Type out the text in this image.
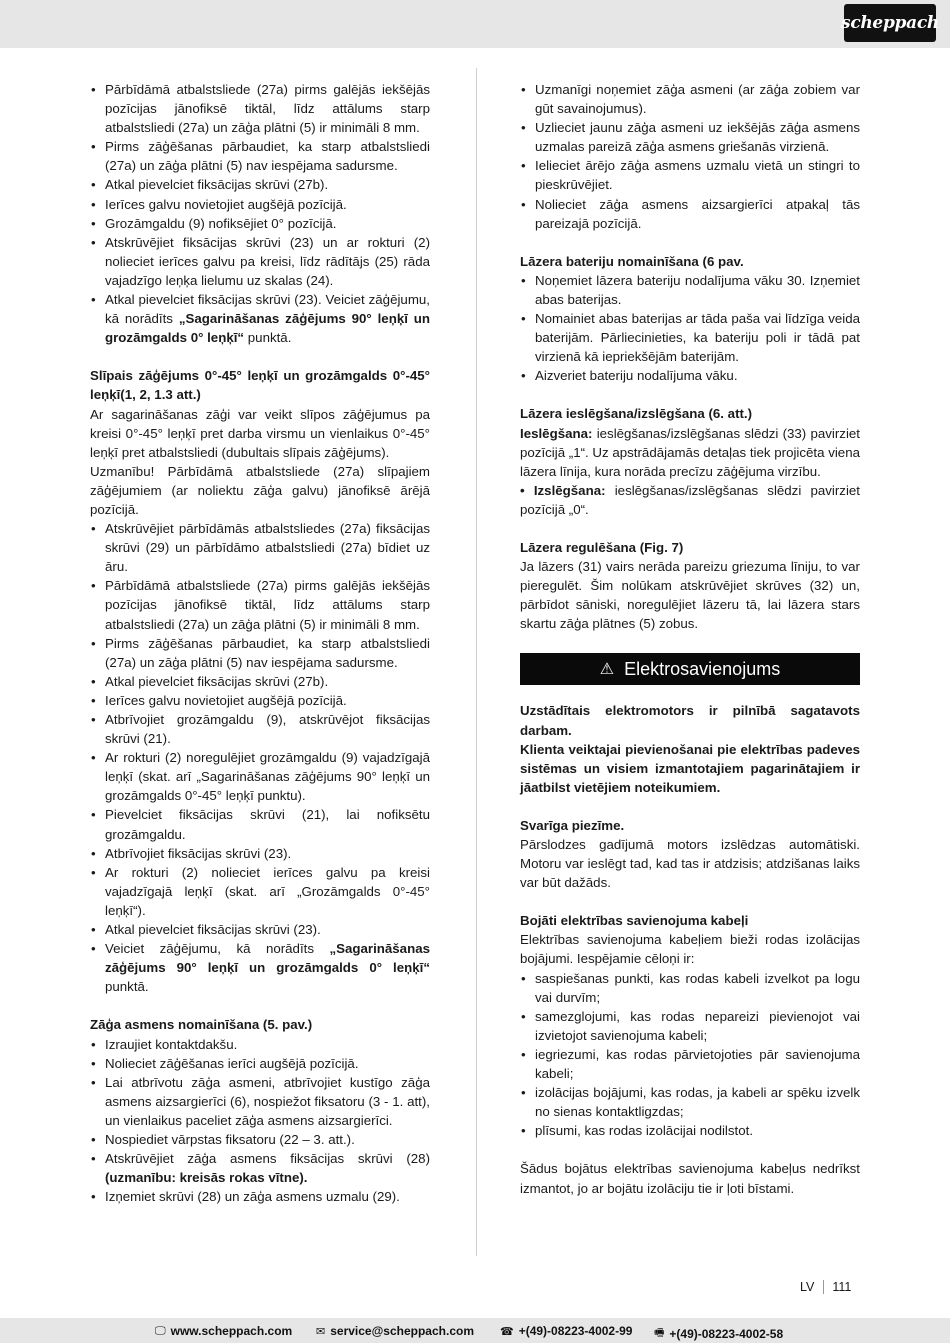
scheppach
• Pārbīdāmā atbalstsliede (27a) pirms galējās iekšējās pozīcijas jānofiksē tiktāl, līdz attālums starp atbalstsliedi (27a) un zāģa plātni (5) ir minimāli 8 mm.
• Pirms zāģēšanas pārbaudiet, ka starp atbalstsliedi (27a) un zāģa plātni (5) nav iespējama sadursme.
• Atkal pievelciet fiksācijas skrūvi (27b).
• Ierīces galvu novietojiet augšējā pozīcijā.
• Grozāmgaldu (9) nofiksējiet 0° pozīcijā.
• Atskrūvējiet fiksācijas skrūvi (23) un ar rokturi (2) nolieciet ierīces galvu pa kreisi, līdz rādītājs (25) rāda vajadzīgo leņķa lielumu uz skalas (24).
• Atkal pievelciet fiksācijas skrūvi (23). Veiciet zāģējumu, kā norādīts „Sagarināšanas zāģējums 90° leņķī un grozāmgalds 0° leņķī“ punktā.

Slīpais zāģējums 0°-45° leņķī un grozāmgalds 0°-45° leņķī(1, 2, 1.3 att.)

Ar sagarināšanas zāģi var veikt slīpos zāģējumus pa kreisi 0°-45° leņķī pret darba virsmu un vienlaikus 0°-45° leņķī pret atbalstsliedi (dubultais slīpais zāģējums).

Uzmanību! Pārbīdāmā atbalstsliede (27a) slīpajiem zāģējumiem (ar noliektu zāģa galvu) jānofiksē ārējā pozīcijā.

• Atskrūvējiet pārbīdāmās atbalstsliedes (27a) fiksācijas skrūvi (29) un pārbīdāmo atbalstsliedi (27a) bīdiet uz āru.
• Pārbīdāmā atbalstsliede (27a) pirms galējās iekšējās pozīcijas jānofiksē tiktāl, līdz attālums starp atbalstsliedi (27a) un zāģa plātni (5) ir minimāli 8 mm.
• Pirms zāģēšanas pārbaudiet, ka starp atbalstsliedi (27a) un zāģa plātni (5) nav iespējama sadursme.
• Atkal pievelciet fiksācijas skrūvi (27b).
• Ierīces galvu novietojiet augšējā pozīcijā.
• Atbrīvojiet grozāmgaldu (9), atskrūvējot fiksācijas skrūvi (21).
• Ar rokturi (2) noregulējiet grozāmgaldu (9) vajadzīgajā leņķī (skat. arī „Sagarināšanas zāģējums 90° leņķī un grozāmgalds 0°-45° leņķī punktu).
• Pievelciet fiksācijas skrūvi (21), lai nofiksētu grozāmgaldu.
• Atbrīvojiet fiksācijas skrūvi (23).
• Ar rokturi (2) nolieciet ierīces galvu pa kreisi vajadzīgajā leņķī (skat. arī „Grozāmgalds 0°-45° leņķī“).
• Atkal pievelciet fiksācijas skrūvi (23).
• Veiciet zāģējumu, kā norādīts „Sagarināšanas zāģējums 90° leņķī un grozāmgalds 0° leņķī“ punktā.

Zāģa asmens nomainīšana (5. pav.)

• Izraujiet kontaktdakšu.
• Nolieciet zāģēšanas ierīci augšējā pozīcijā.
• Lai atbrīvotu zāģa asmeni, atbrīvojiet kustīgo zāģa asmens aizsargierīci (6), nospiežot fiksatoru (3 - 1. att), un vienlaikus paceliet zāģa asmens aizsargierīci.
• Nospiediet vārpstas fiksatoru (22 – 3. att.).
• Atskrūvējiet zāģa asmens fiksācijas skrūvi (28) (uzmanību: kreisās rokas vītne).
• Izņemiet skrūvi (28) un zāģa asmens uzmalu (29).
• Uzmanīgi noņemiet zāģa asmeni (ar zāģa zobiem var gūt savainojumus).
• Uzlieciet jaunu zāģa asmeni uz iekšējās zāģa asmens uzmalas pareizā zāģa asmens griešanās virzienā.
• Ielieciet ārējo zāģa asmens uzmalu vietā un stingri to pieskrūvējiet.
• Nolieciet zāģa asmens aizsargierīci atpakaļ tās pareizajā pozīcijā.

Lāzera bateriju nomainīšana (6 pav.

• Noņemiet lāzera bateriju nodalījuma vāku 30. Izņemiet abas baterijas.
• Nomainiet abas baterijas ar tāda paša vai līdzīga veida baterijām. Pārliecinieties, ka bateriju poli ir tādā pat virzienā kā iepriekšējām baterijām.
• Aizveriet bateriju nodalījuma vāku.

Lāzera ieslēgšana/izslēgšana (6. att.)

Ieslēgšana: ieslēgšanas/izslēgšanas slēdzi (33) pavirziet pozīcijā „1“. Uz apstrādājamās detaļas tiek projicēta viena lāzera līnija, kura norāda precīzu zāģējuma virzību.

• Izslēgšana: ieslēgšanas/izslēgšanas slēdzi pavirziet pozīcijā „0“.

Lāzera regulēšana (Fig. 7)

Ja lāzers (31) vairs nerāda pareizu griezuma līniju, to var pieregulēt. Šim nolūkam atskrūvējiet skrūves (32) un, pārbīdot sāniski, noregulējiet lāzeru tā, lai lāzera stars skartu zāģa plātnes (5) zobus.

⚠ Elektrosavienojums

Uzstādītais elektromotors ir pilnībā sagatavots darbam.

Klienta veiktajai pievienošanai pie elektrības padeves sistēmas un visiem izmantotajiem pagarinātajiem ir jāatbilst vietējiem noteikumiem.

Svarīga piezīme.

Pārslodzes gadījumā motors izslēdzas automātiski. Motoru var ieslēgt tad, kad tas ir atdzisis; atdzišanas laiks var būt dažāds.

Bojāti elektrības savienojuma kabeļi

Elektrības savienojuma kabeļiem bieži rodas izolācijas bojājumi. Iespējamie cēloņi ir:

• saspiešanas punkti, kas rodas kabeli izvelkot pa logu vai durvīm;
• samezglojumi, kas rodas nepareizi pievienojot vai izvietojot savienojuma kabeli;
• iegriezumi, kas rodas pārvietojoties pār savienojuma kabeli;
• izolācijas bojājumi, kas rodas, ja kabeli ar spēku izvelk no sienas kontaktligzdas;
• plīsumi, kas rodas izolācijai nodilstot.

Šādus bojātus elektrības savienojuma kabeļus nedrīkst izmantot, jo ar bojātu izolāciju tie ir ļoti bīstami.

LV	111
🖵 www.scheppach.com ✉ service@scheppach.com ☎ +(49)-08223-4002-99 🖷 +(49)-08223-4002-58
